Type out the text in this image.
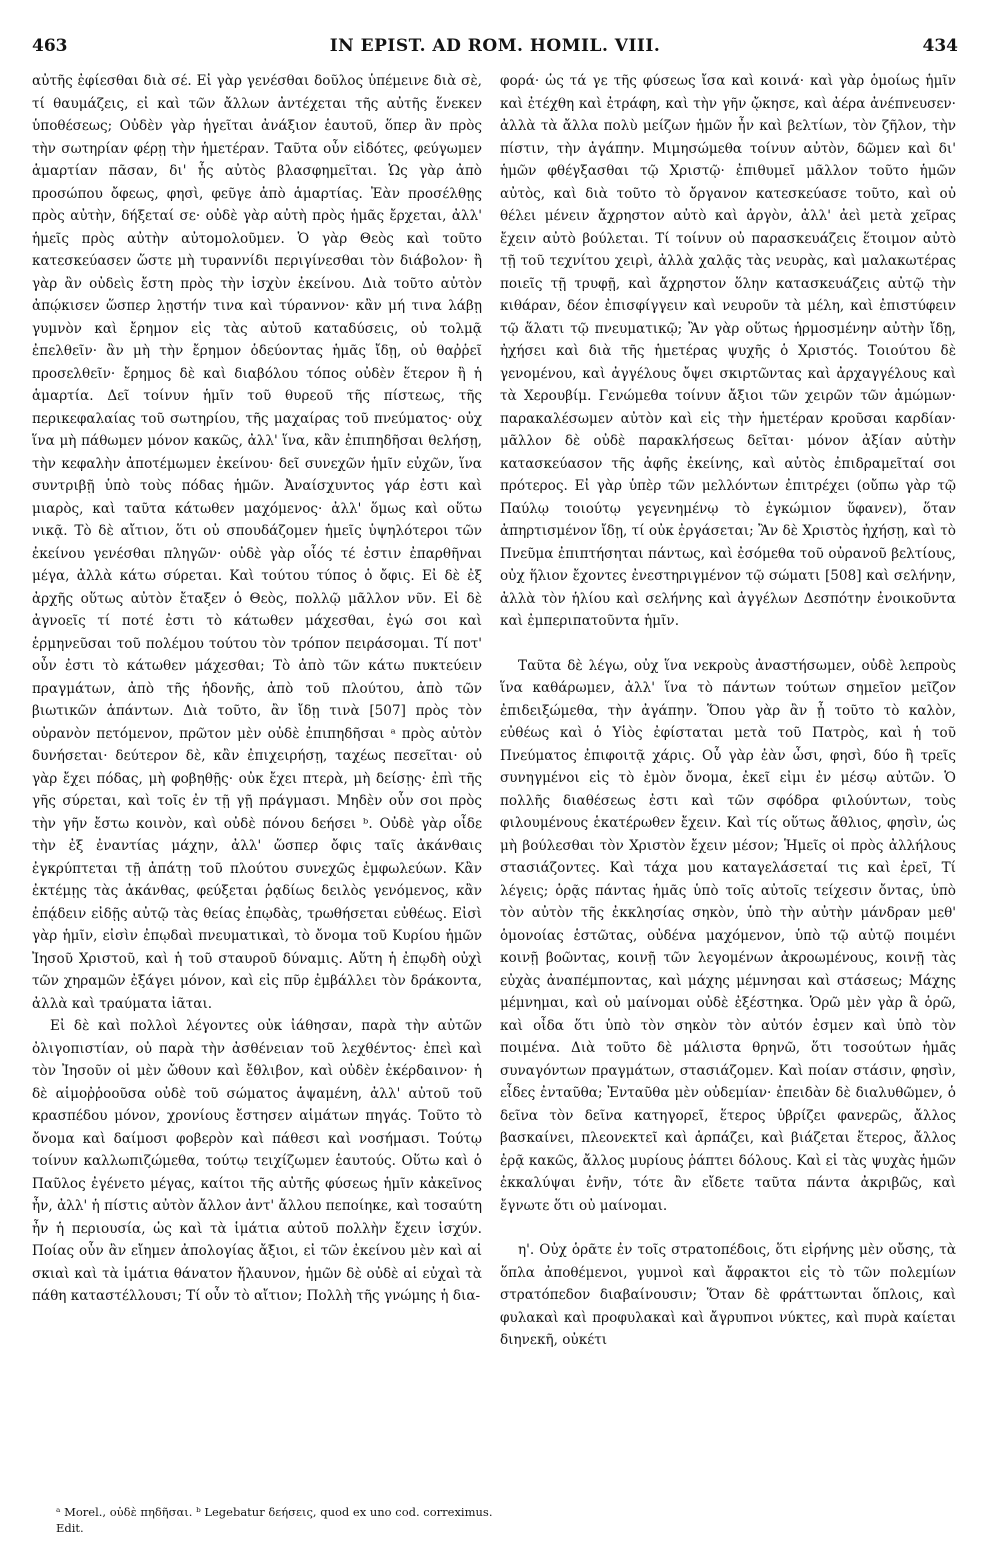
463	IN EPIST. AD ROM. HOMIL. VIII.	434

αὐτῆς ἐφίεσθαι διὰ σέ. Εἰ γὰρ γενέσθαι δοῦλος ὑπέμεινε διὰ σὲ, τί θαυμάζεις, εἰ καὶ τῶν ἄλλων ἀντέχεται τῆς αὐτῆς ἕνεκεν ὑποθέσεως; Οὐδὲν γὰρ ἡγεῖται ἀνάξιον ἑαυτοῦ, ὅπερ ἂν πρὸς τὴν σωτηρίαν φέρῃ τὴν ἡμετέραν. Ταῦτα οὖν εἰδότες, φεύγωμεν ἁμαρτίαν πᾶσαν, δι' ἧς αὐτὸς βλασφημεῖται. Ὡς γὰρ ἀπὸ προσώπου ὄφεως, φησὶ, φεῦγε ἀπὸ ἁμαρτίας. Ἐὰν προσέλθῃς πρὸς αὐτὴν, δήξεταί σε· οὐδὲ γὰρ αὐτὴ πρὸς ἡμᾶς ἔρχεται, ἀλλ' ἡμεῖς πρὸς αὐτὴν αὐτομολοῦμεν. Ὁ γὰρ Θεὸς καὶ τοῦτο κατεσκεύασεν ὥστε μὴ τυραννίδι περιγίνεσθαι τὸν διάβολον· ἢ γὰρ ἂν οὐδεὶς ἔστη πρὸς τὴν ἰσχὺν ἐκείνου. Διὰ τοῦτο αὐτὸν ἀπῴκισεν ὥσπερ λῃστήν τινα καὶ τύραννον· κἂν μή τινα λάβῃ γυμνὸν καὶ ἔρημον εἰς τὰς αὐτοῦ καταδύσεις, οὐ τολμᾷ ἐπελθεῖν· ἂν μὴ τὴν ἔρημον ὁδεύοντας ἡμᾶς ἴδῃ, οὐ θαῤῥεῖ προσελθεῖν· ἔρημος δὲ καὶ διαβόλου τόπος οὐδὲν ἕτερον ἢ ἡ ἁμαρτία. Δεῖ τοίνυν ἡμῖν τοῦ θυρεοῦ τῆς πίστεως, τῆς περικεφαλαίας τοῦ σωτηρίου, τῆς μαχαίρας τοῦ πνεύματος· οὐχ ἵνα μὴ πάθωμεν μόνον κακῶς, ἀλλ' ἵνα, κἂν ἐπιπηδῆσαι θελήσῃ, τὴν κεφαλὴν ἀποτέμωμεν ἐκείνου· δεῖ συνεχῶν ἡμῖν εὐχῶν, ἵνα συντριβῇ ὑπὸ τοὺς πόδας ἡμῶν. Ἀναίσχυντος γάρ ἐστι καὶ μιαρὸς, καὶ ταῦτα κάτωθεν μαχόμενος· ἀλλ' ὅμως καὶ οὕτω νικᾷ. Τὸ δὲ αἴτιον, ὅτι οὐ σπουδάζομεν ἡμεῖς ὑψηλότεροι τῶν ἐκείνου γενέσθαι πληγῶν· οὐδὲ γὰρ οἷός τέ ἐστιν ἐπαρθῆναι μέγα, ἀλλὰ κάτω σύρεται. Καὶ τούτου τύπος ὁ ὄφις. Εἰ δὲ ἐξ ἀρχῆς οὕτως αὐτὸν ἔταξεν ὁ Θεὸς, πολλῷ μᾶλλον νῦν. Εἰ δὲ ἀγνοεῖς τί ποτέ ἐστι τὸ κάτωθεν μάχεσθαι, ἐγώ σοι καὶ ἑρμηνεῦσαι τοῦ πολέμου τούτου τὸν τρόπον πειράσομαι. Τί ποτ' οὖν ἐστι τὸ κάτωθεν μάχεσθαι; Τὸ ἀπὸ τῶν κάτω πυκτεύειν πραγμάτων, ἀπὸ τῆς ἡδονῆς, ἀπὸ τοῦ πλούτου, ἀπὸ τῶν βιωτικῶν ἁπάντων. Διὰ τοῦτο, ἂν ἴδῃ τινὰ [507] πρὸς τὸν οὐρανὸν πετόμενον, πρῶτον μὲν οὐδὲ ἐπιπηδῆσαι ᵃ πρὸς αὐτὸν δυνήσεται· δεύτερον δὲ, κἂν ἐπιχειρήσῃ, ταχέως πεσεῖται· οὐ γὰρ ἔχει πόδας, μὴ φοβηθῇς· οὐκ ἔχει πτερὰ, μὴ δείσῃς· ἐπὶ τῆς γῆς σύρεται, καὶ τοῖς ἐν τῇ γῇ πράγμασι. Μηδὲν οὖν σοι πρὸς τὴν γῆν ἔστω κοινὸν, καὶ οὐδὲ πόνου δεήσει ᵇ. Οὐδὲ γὰρ οἶδε τὴν ἐξ ἐναντίας μάχην, ἀλλ' ὥσπερ ὄφις ταῖς ἀκάνθαις ἐγκρύπτεται τῇ ἀπάτῃ τοῦ πλούτου συνεχῶς ἐμφωλεύων. Κἂν ἐκτέμῃς τὰς ἀκάνθας, φεύξεται ῥᾳδίως δειλὸς γενόμενος, κἂν ἐπᾴδειν εἰδῇς αὐτῷ τὰς θείας ἐπῳδὰς, τρωθήσεται εὐθέως. Εἰσὶ γὰρ ἡμῖν, εἰσὶν ἐπῳδαὶ πνευματικαὶ, τὸ ὄνομα τοῦ Κυρίου ἡμῶν Ἰησοῦ Χριστοῦ, καὶ ἡ τοῦ σταυροῦ δύναμις. Αὕτη ἡ ἐπῳδὴ οὐχὶ τῶν χηραμῶν ἐξάγει μόνον, καὶ εἰς πῦρ ἐμβάλλει τὸν δράκοντα, ἀλλὰ καὶ τραύματα ἰᾶται.

Εἰ δὲ καὶ πολλοὶ λέγοντες οὐκ ἰάθησαν, παρὰ τὴν αὐτῶν ὀλιγοπιστίαν, οὐ παρὰ τὴν ἀσθένειαν τοῦ λεχθέντος· ἐπεὶ καὶ τὸν Ἰησοῦν οἱ μὲν ὤθουν καὶ ἔθλιβον, καὶ οὐδὲν ἐκέρδαινον· ἡ δὲ αἱμοῤῥοοῦσα οὐδὲ τοῦ σώματος ἁψαμένη, ἀλλ' αὐτοῦ τοῦ κρασπέδου μόνον, χρονίους ἔστησεν αἱμάτων πηγάς. Τοῦτο τὸ ὄνομα καὶ δαίμοσι φοβερὸν καὶ πάθεσι καὶ νοσήμασι. Τούτῳ τοίνυν καλλωπιζώμεθα, τούτῳ τειχίζωμεν ἑαυτούς. Οὕτω καὶ ὁ Παῦλος ἐγένετο μέγας, καίτοι τῆς αὐτῆς φύσεως ἡμῖν κἀκεῖνος ἦν, ἀλλ' ἡ πίστις αὐτὸν ἄλλον ἀντ' ἄλλου πεποίηκε, καὶ τοσαύτη ἦν ἡ περιουσία, ὡς καὶ τὰ ἱμάτια αὐτοῦ πολλὴν ἔχειν ἰσχύν. Ποίας οὖν ἂν εἴημεν ἀπολογίας ἄξιοι, εἰ τῶν ἐκείνου μὲν καὶ αἱ σκιαὶ καὶ τὰ ἱμάτια θάνατον ἤλαυνον, ἡμῶν δὲ οὐδὲ αἱ εὐχαὶ τὰ πάθη καταστέλλουσι; Τί οὖν τὸ αἴτιον; Πολλὴ τῆς γνώμης ἡ δια-

φορά· ὡς τά γε τῆς φύσεως ἴσα καὶ κοινά· καὶ γὰρ ὁμοίως ἡμῖν καὶ ἐτέχθη καὶ ἐτράφη, καὶ τὴν γῆν ᾤκησε, καὶ ἀέρα ἀνέπνευσεν· ἀλλὰ τὰ ἄλλα πολὺ μείζων ἡμῶν ἦν καὶ βελτίων, τὸν ζῆλον, τὴν πίστιν, τὴν ἀγάπην. Μιμησώμεθα τοίνυν αὐτὸν, δῶμεν καὶ δι' ἡμῶν φθέγξασθαι τῷ Χριστῷ· ἐπιθυμεῖ μᾶλλον τοῦτο ἡμῶν αὐτὸς, καὶ διὰ τοῦτο τὸ ὄργανον κατεσκεύασε τοῦτο, καὶ οὐ θέλει μένειν ἄχρηστον αὐτὸ καὶ ἀργὸν, ἀλλ' ἀεὶ μετὰ χεῖρας ἔχειν αὐτὸ βούλεται. Τί τοίνυν οὐ παρασκευάζεις ἕτοιμον αὐτὸ τῇ τοῦ τεχνίτου χειρὶ, ἀλλὰ χαλᾷς τὰς νευρὰς, καὶ μαλακωτέρας ποιεῖς τῇ τρυφῇ, καὶ ἄχρηστον ὅλην κατασκευάζεις αὐτῷ τὴν κιθάραν, δέον ἐπισφίγγειν καὶ νευροῦν τὰ μέλη, καὶ ἐπιστύφειν τῷ ἅλατι τῷ πνευματικῷ; Ἂν γὰρ οὕτως ἡρμοσμένην αὐτὴν ἴδῃ, ἠχήσει καὶ διὰ τῆς ἡμετέρας ψυχῆς ὁ Χριστός. Τοιούτου δὲ γενομένου, καὶ ἀγγέλους ὄψει σκιρτῶντας καὶ ἀρχαγγέλους καὶ τὰ Χερουβίμ. Γενώμεθα τοίνυν ἄξιοι τῶν χειρῶν τῶν ἀμώμων· παρακαλέσωμεν αὐτὸν καὶ εἰς τὴν ἡμετέραν κροῦσαι καρδίαν· μᾶλλον δὲ οὐδὲ παρακλήσεως δεῖται· μόνον ἀξίαν αὐτὴν κατασκεύασον τῆς ἀφῆς ἐκείνης, καὶ αὐτὸς ἐπιδραμεῖταί σοι πρότερος. Εἰ γὰρ ὑπὲρ τῶν μελλόντων ἐπιτρέχει (οὔπω γὰρ τῷ Παύλῳ τοιούτῳ γεγενημένῳ τὸ ἐγκώμιον ὕφανεν), ὅταν ἀπηρτισμένον ἴδῃ, τί οὐκ ἐργάσεται; Ἂν δὲ Χριστὸς ἠχήσῃ, καὶ τὸ Πνεῦμα ἐπιπτήσηται πάντως, καὶ ἐσόμεθα τοῦ οὐρανοῦ βελτίους, οὐχ ἥλιον ἔχοντες ἐνεστηριγμένον τῷ σώματι [508] καὶ σελήνην, ἀλλὰ τὸν ἡλίου καὶ σελήνης καὶ ἀγγέλων Δεσπότην ἐνοικοῦντα καὶ ἐμπεριπατοῦντα ἡμῖν.

Ταῦτα δὲ λέγω, οὐχ ἵνα νεκροὺς ἀναστήσωμεν, οὐδὲ λεπροὺς ἵνα καθάρωμεν, ἀλλ' ἵνα τὸ πάντων τούτων σημεῖον μεῖζον ἐπιδειξώμεθα, τὴν ἀγάπην. Ὅπου γὰρ ἂν ᾖ τοῦτο τὸ καλὸν, εὐθέως καὶ ὁ Υἱὸς ἐφίσταται μετὰ τοῦ Πατρὸς, καὶ ἡ τοῦ Πνεύματος ἐπιφοιτᾷ χάρις. Οὗ γὰρ ἐὰν ὦσι, φησὶ, δύο ἢ τρεῖς συνηγμένοι εἰς τὸ ἐμὸν ὄνομα, ἐκεῖ εἰμι ἐν μέσῳ αὐτῶν. Ὁ πολλῆς διαθέσεως ἐστι καὶ τῶν σφόδρα φιλούντων, τοὺς φιλουμένους ἑκατέρωθεν ἔχειν. Καὶ τίς οὕτως ἄθλιος, φησὶν, ὡς μὴ βούλεσθαι τὸν Χριστὸν ἔχειν μέσον; Ἡμεῖς οἱ πρὸς ἀλλήλους στασιάζοντες. Καὶ τάχα μου καταγελάσεταί τις καὶ ἐρεῖ, Τί λέγεις; ὁρᾷς πάντας ἡμᾶς ὑπὸ τοῖς αὐτοῖς τείχεσιν ὄντας, ὑπὸ τὸν αὐτὸν τῆς ἐκκλησίας σηκὸν, ὑπὸ τὴν αὐτὴν μάνδραν μεθ' ὁμονοίας ἑστῶτας, οὐδένα μαχόμενον, ὑπὸ τῷ αὐτῷ ποιμένι κοινῇ βοῶντας, κοινῇ τῶν λεγομένων ἀκροωμένους, κοινῇ τὰς εὐχὰς ἀναπέμποντας, καὶ μάχης μέμνησαι καὶ στάσεως; Μάχης μέμνημαι, καὶ οὐ μαίνομαι οὐδὲ ἐξέστηκα. Ὁρῶ μὲν γὰρ ἃ ὁρῶ, καὶ οἶδα ὅτι ὑπὸ τὸν σηκὸν τὸν αὐτόν ἐσμεν καὶ ὑπὸ τὸν ποιμένα. Διὰ τοῦτο δὲ μάλιστα θρηνῶ, ὅτι τοσούτων ἡμᾶς συναγόντων πραγμάτων, στασιάζομεν. Καὶ ποίαν στάσιν, φησὶν, εἶδες ἐνταῦθα; Ἐνταῦθα μὲν οὐδεμίαν· ἐπειδὰν δὲ διαλυθῶμεν, ὁ δεῖνα τὸν δεῖνα κατηγορεῖ, ἕτερος ὑβρίζει φανερῶς, ἄλλος βασκαίνει, πλεονεκτεῖ καὶ ἁρπάζει, καὶ βιάζεται ἕτερος, ἄλλος ἐρᾷ κακῶς, ἄλλος μυρίους ῥάπτει δόλους. Καὶ εἰ τὰς ψυχὰς ἡμῶν ἐκκαλύψαι ἐνῆν, τότε ἂν εἴδετε ταῦτα πάντα ἀκριβῶς, καὶ ἔγνωτε ὅτι οὐ μαίνομαι.

η'. Οὐχ ὁρᾶτε ἐν τοῖς στρατοπέδοις, ὅτι εἰρήνης μὲν οὔσης, τὰ ὅπλα ἀποθέμενοι, γυμνοὶ καὶ ἄφρακτοι εἰς τὸ τῶν πολεμίων στρατόπεδον διαβαίνουσιν; Ὅταν δὲ φράττωνται ὅπλοις, καὶ φυλακαὶ καὶ προφυλακαὶ καὶ ἄγρυπνοι νύκτες, καὶ πυρὰ καίεται διηνεκῆ, οὐκέτι

ᵃ Morel., οὐδὲ πηδῆσαι. ᵇ Legebatur δεήσεις, quod ex uno cod. correximus. Edit.
